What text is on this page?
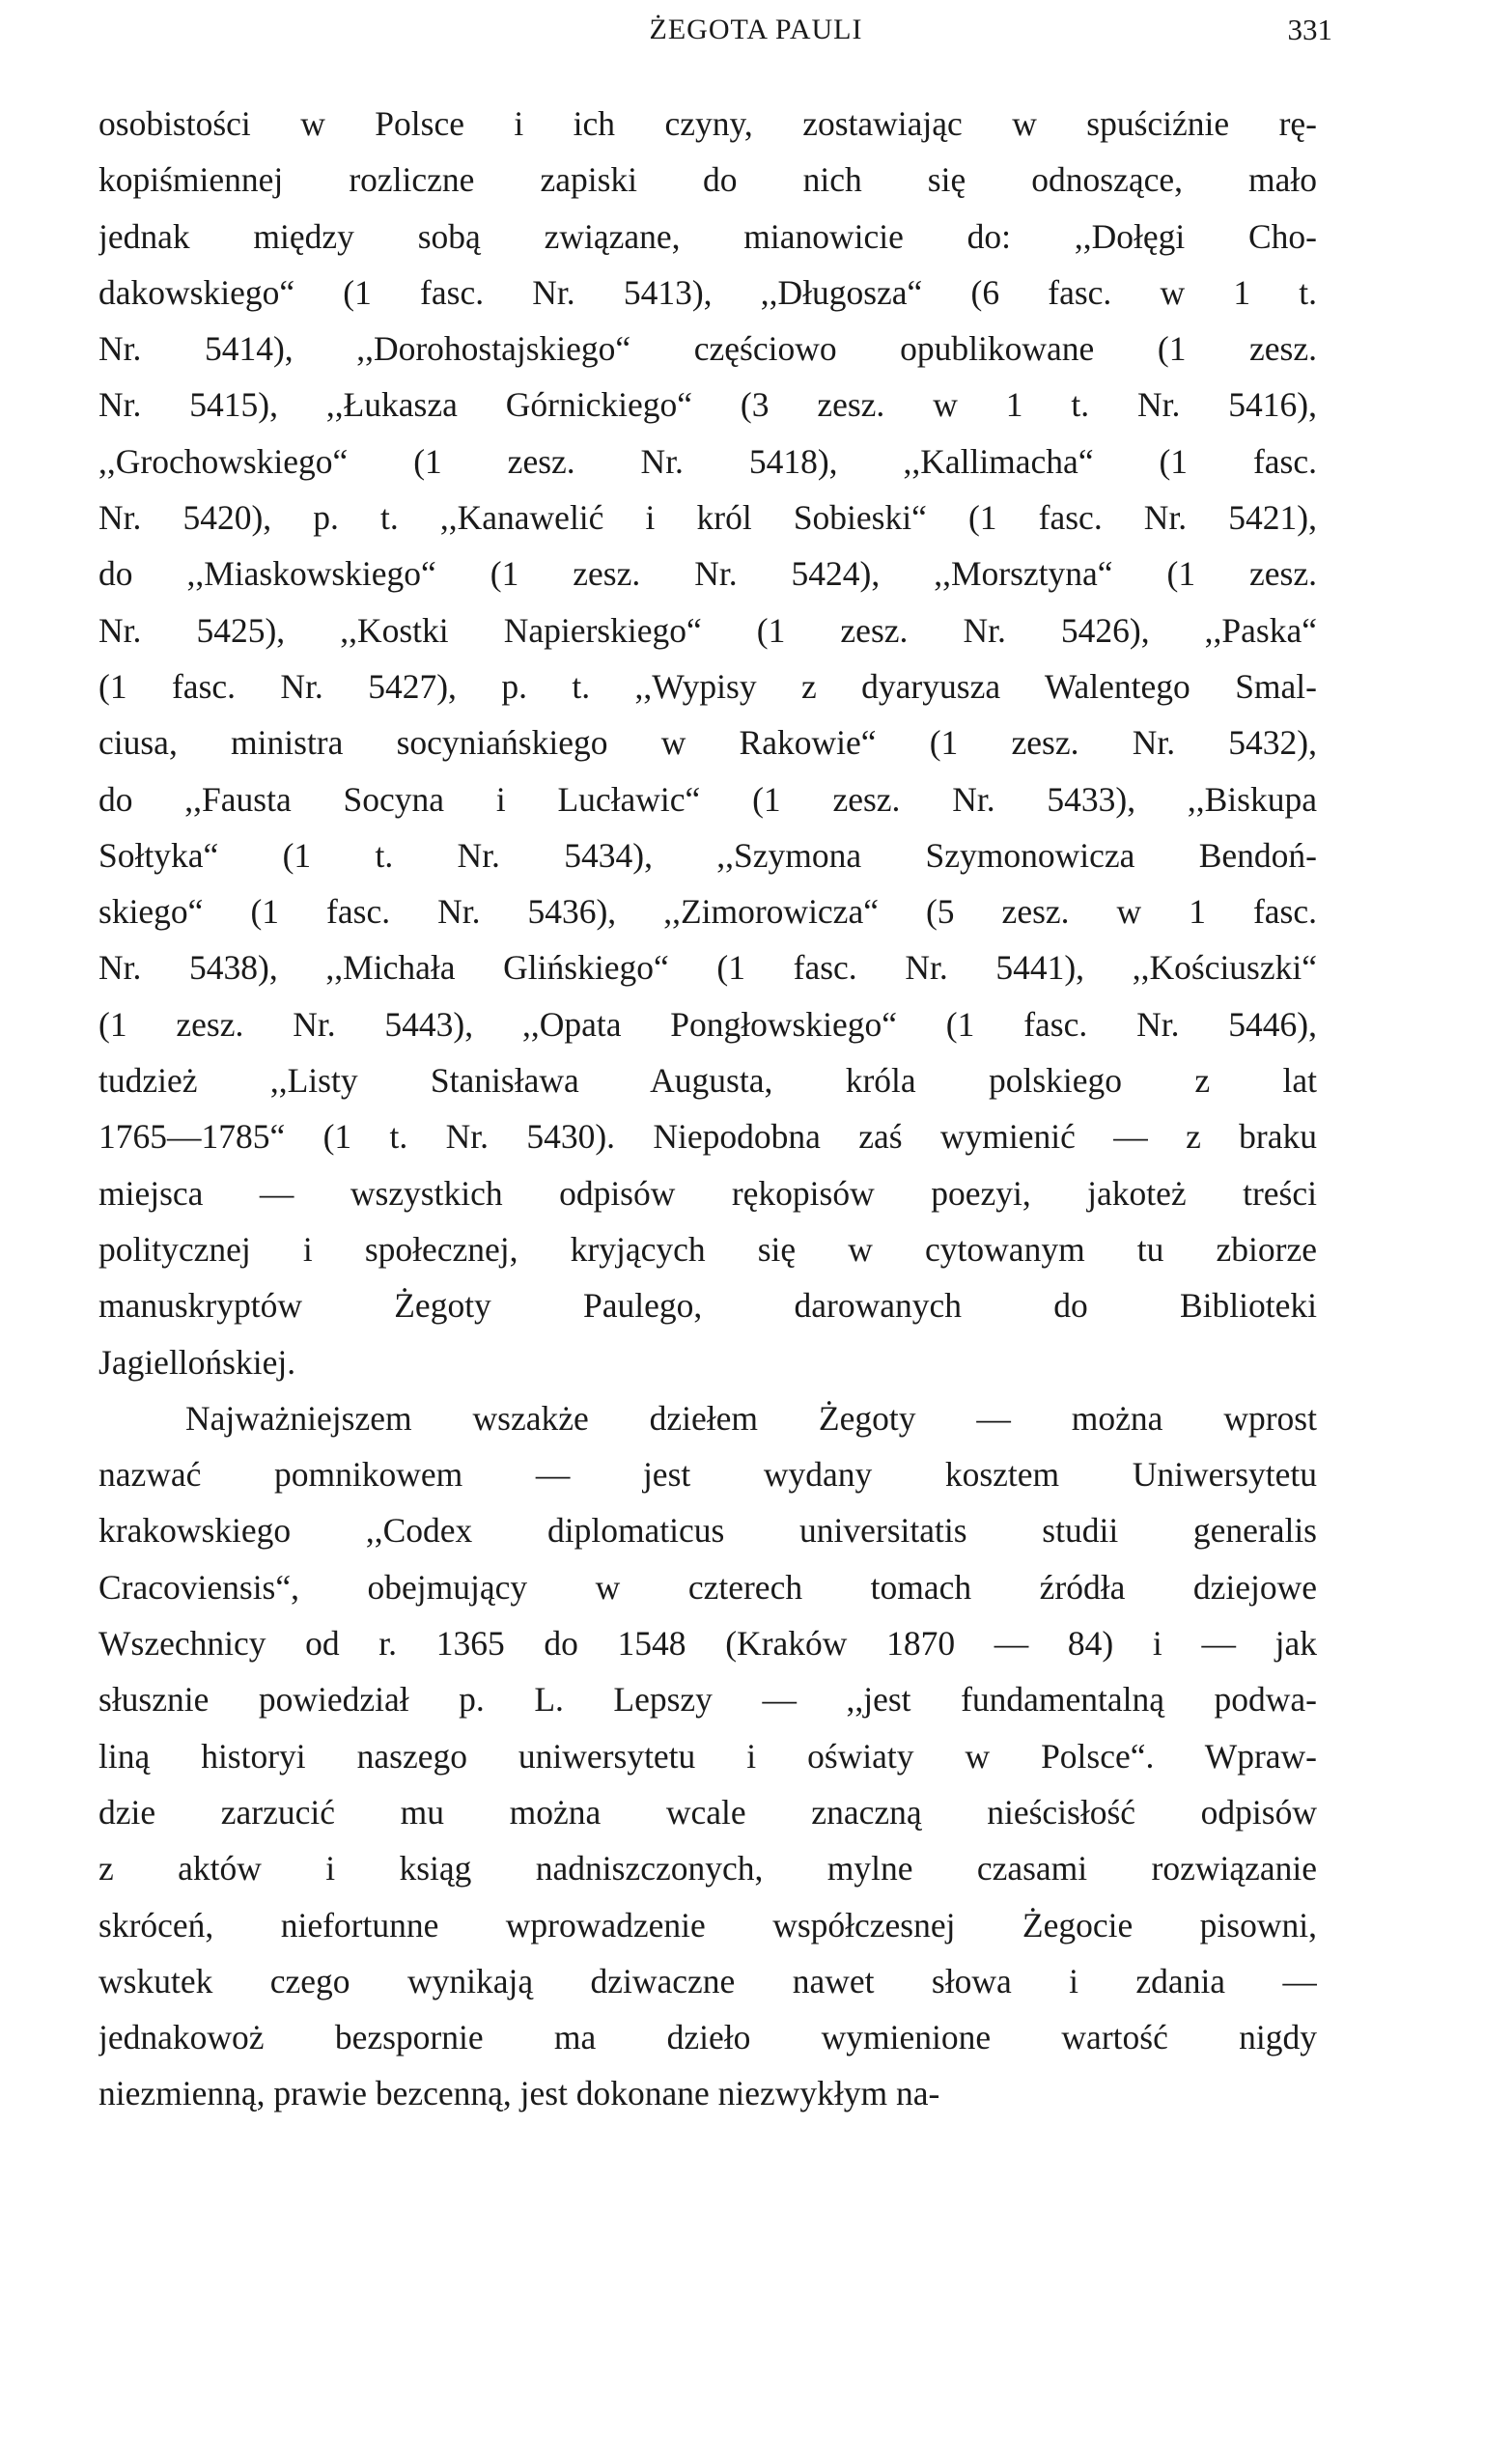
ŻEGOTA PAULI	331
osobistości w Polsce i ich czyny, zostawiając w spuściźnie rę-
kopiśmiennej rozliczne zapiski do nich się odnoszące, mało
jednak między sobą związane, mianowicie do: ,,Dołęgi Cho-
dakowskiego“ (1 fasc. Nr. 5413), ,,Długosza“ (6 fasc. w 1 t.
Nr. 5414), ,,Dorohostajskiego“ częściowo opublikowane (1 zesz.
Nr. 5415), ,,Łukasza Górnickiego“ (3 zesz. w 1 t. Nr. 5416),
,,Grochowskiego“ (1 zesz. Nr. 5418), ,,Kallimacha“ (1 fasc.
Nr. 5420), p. t. ,,Kanawelić i król Sobieski“ (1 fasc. Nr. 5421),
do ,,Miaskowskiego“ (1 zesz. Nr. 5424), ,,Morsztyna“ (1 zesz.
Nr. 5425), ,,Kostki Napierskiego“ (1 zesz. Nr. 5426), ,,Paska“
(1 fasc. Nr. 5427), p. t. ,,Wypisy z dyaryusza Walentego Smal-
ciusa, ministra socyniańskiego w Rakowie“ (1 zesz. Nr. 5432),
do ,,Fausta Socyna i Lucławic“ (1 zesz. Nr. 5433), ,,Biskupa
Sołtyka“ (1 t. Nr. 5434), ,,Szymona Szymonowicza Bendoń-
skiego“ (1 fasc. Nr. 5436), ,,Zimorowicza“ (5 zesz. w 1 fasc.
Nr. 5438), ,,Michała Glińskiego“ (1 fasc. Nr. 5441), ,,Kościuszki“
(1 zesz. Nr. 5443), ,,Opata Pongłowskiego“ (1 fasc. Nr. 5446),
tudzież ,,Listy Stanisława Augusta, króla polskiego z lat
1765—1785“ (1 t. Nr. 5430). Niepodobna zaś wymienić — z braku
miejsca — wszystkich odpisów rękopisów poezyi, jakoteż treści
politycznej i społecznej, kryjących się w cytowanym tu zbiorze
manuskryptów Żegoty Paulego, darowanych do Biblioteki
Jagiellońskiej.
Najważniejszem wszakże dziełem Żegoty — można wprost
nazwać pomnikowem — jest wydany kosztem Uniwersytetu
krakowskiego ,,Codex diplomaticus universitatis studii generalis
Cracoviensis“, obejmujący w czterech tomach źródła dziejowe
Wszechnicy od r. 1365 do 1548 (Kraków 1870 — 84) i — jak
słusznie powiedział p. L. Lepszy — ,,jest fundamentalną podwa-
liną historyi naszego uniwersytetu i oświaty w Polsce“. Wpraw-
dzie zarzucić mu można wcale znaczną nieścisłość odpisów
z aktów i ksiąg nadniszczonych, mylne czasami rozwiązanie
skróceń, niefortunne wprowadzenie współczesnej Żegocie pisowni,
wskutek czego wynikają dziwaczne nawet słowa i zdania —
jednakowoż bezspornie ma dzieło wymienione wartość nigdy
niezmienną, prawie bezcenną, jest dokonane niezwykłym na-
